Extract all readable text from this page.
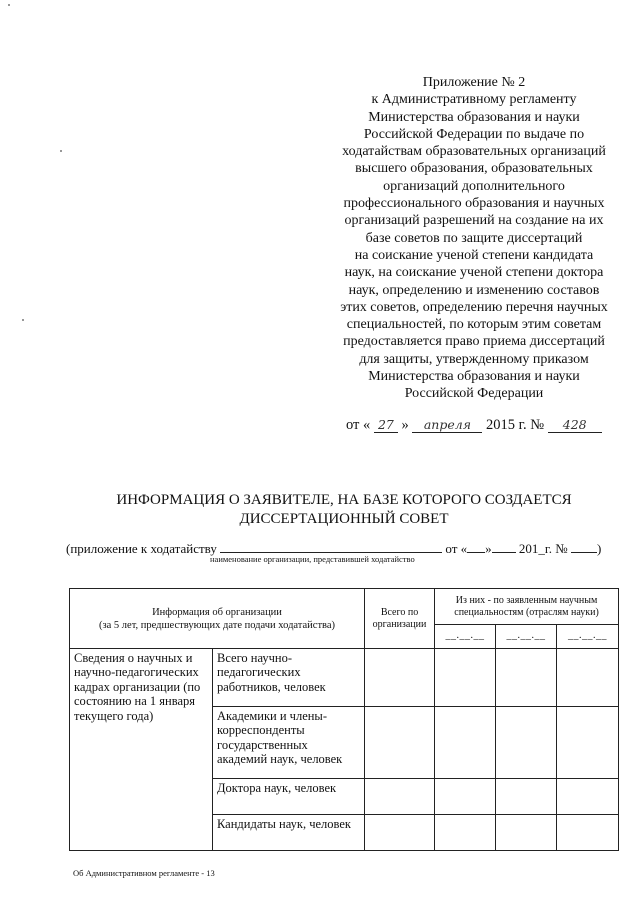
Приложение № 2
к Административному регламенту
Министерства образования и науки
Российской Федерации по выдаче по
ходатайствам образовательных организаций
высшего образования, образовательных
организаций дополнительного
профессионального образования и научных
организаций разрешений на создание на их
базе советов по защите диссертаций
на соискание ученой степени кандидата
наук, на соискание ученой степени доктора
наук, определению и изменению составов
этих советов, определению перечня научных
специальностей, по которым этим советам
предоставляется право приема диссертаций
для защиты, утвержденному приказом
Министерства образования и науки
Российской Федерации
от « 27 » апреля 2015 г. № 428
ИНФОРМАЦИЯ О ЗАЯВИТЕЛЕ, НА БАЗЕ КОТОРОГО СОЗДАЕТСЯ
ДИССЕРТАЦИОННЫЙ СОВЕТ
(приложение к ходатайству	от « » 201_г. № )
наименование организации, представившей ходатайство
Информация об организации
(за 5 лет, предшествующих дате подачи ходатайства)		Всего по организации	Из них - по заявленным научным специальностям (отраслям науки)		
			__.__.__	__.__.__	__.__.__
Сведения о научных и научно-педагогических кадрах организации (по состоянию на 1 января текущего года)	Всего научно-педагогических работников, человек				
	Академики и члены-корреспонденты государственных академий наук, человек				
	Доктора наук, человек				
	Кандидаты наук, человек				
Об Административном регламенте - 13
